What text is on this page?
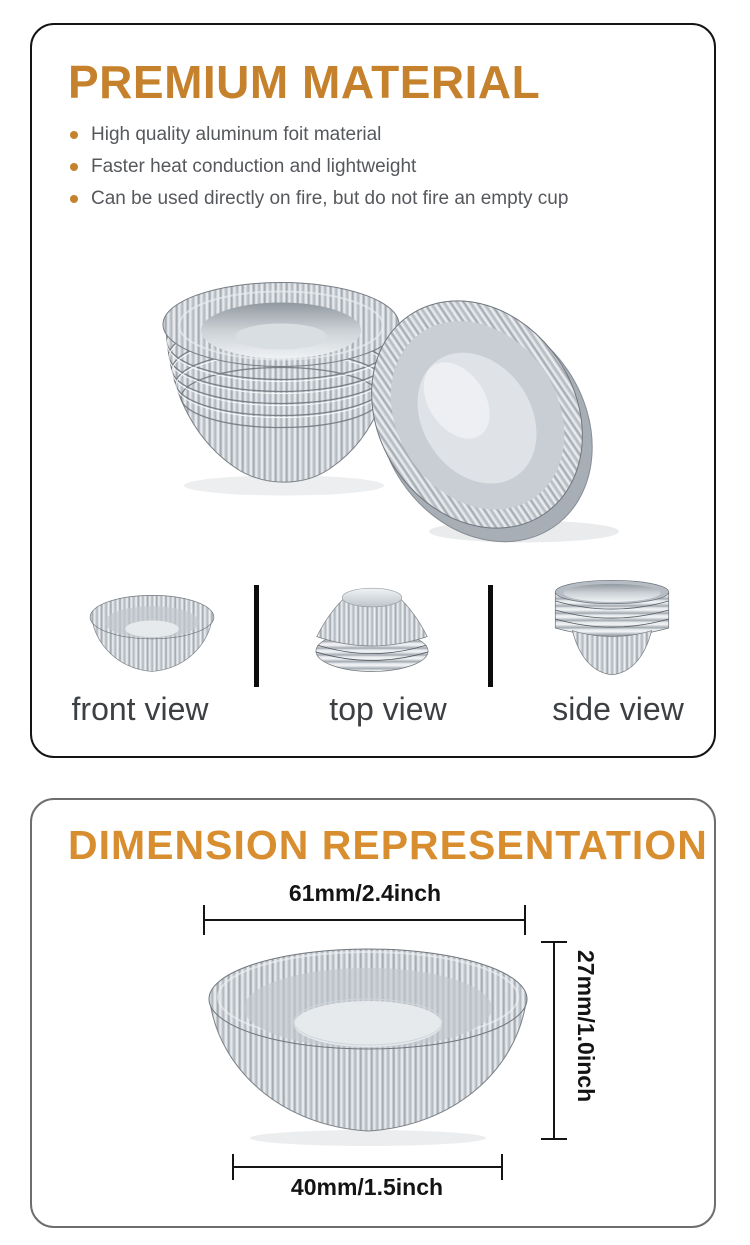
PREMIUM MATERIAL
High quality aluminum foit material
Faster heat conduction and lightweight
Can be used directly on fire, but do not fire an empty cup
front view	top view	side view
DIMENSION REPRESENTATION
61mm/2.4inch
27mm/1.0inch
40mm/1.5inch
